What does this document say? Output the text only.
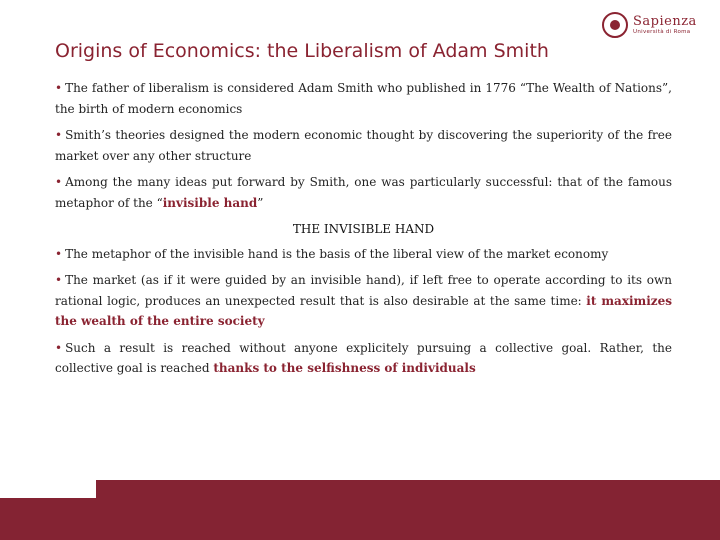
Sapienza
Università di Roma
Origins of Economics: the Liberalism of Adam Smith

• The father of liberalism is considered Adam Smith who published in 1776 “The Wealth of Nations”, the birth of modern economics

• Smith’s theories designed the modern economic thought by discovering the superiority of the free market over any other structure

• Among the many ideas put forward by Smith, one was particularly successful: that of the famous metaphor of the “invisible hand”

THE INVISIBLE HAND

• The metaphor of the invisible hand is the basis of the liberal view of the market economy

• The market (as if it were guided by an invisible hand), if left free to operate according to its own rational logic, produces an unexpected result that is also desirable at the same time: it maximizes the wealth of the entire society

• Such a result is reached without anyone explicitely pursuing a collective goal. Rather, the collective goal is reached thanks to the selfishness of individuals
